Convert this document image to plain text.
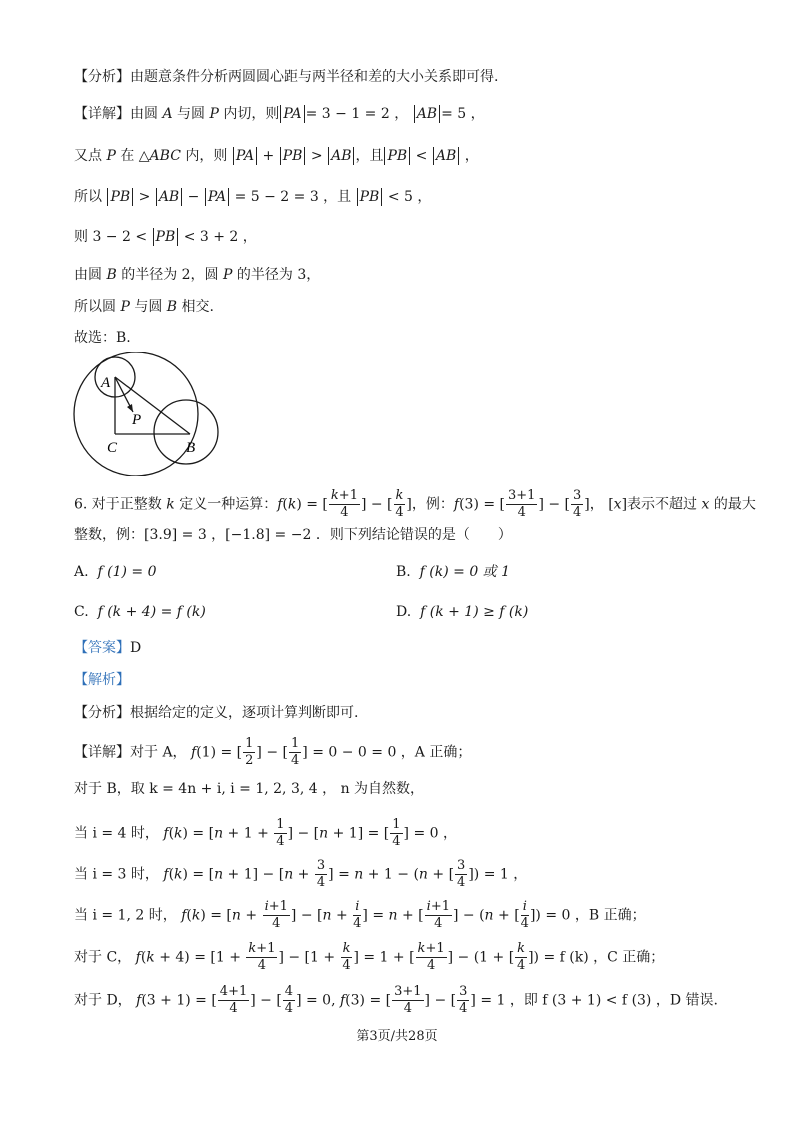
【分析】由题意条件分析两圆圆心距与两半径和差的大小关系即可得.
【详解】由圆 A 与圆 P 内切，则 PA = 3 − 1 = 2 ， AB = 5 ，
又点 P 在 △ABC 内，则 PA + PB > AB ，且 PB < AB ，
所以 PB > AB − PA = 5 − 2 = 3 ，且 PB < 5 ，
则 3 − 2 < PB < 3 + 2 ，
由圆 B 的半径为 2，圆 P 的半径为 3，
所以圆 P 与圆 B 相交.
故选：B.
A
P
C	B
6. 对于正整数 k 定义一种运算：f(k) = [ $\frac{k+1}{4}$ ] − [ $\frac{k}{4}$ ]，例：f(3) = [ $\frac{3+1}{4}$ ] − [ $\frac{3}{4}$ ]， [x]表示不超过 x 的最大
整数，例：[3.9] = 3 ，[−1.8] = −2 ．则下列结论错误的是（　　）
A. f (1) = 0	B. f (k) = 0 或 1
C. f (k + 4) = f (k)	D. f (k + 1) ≥ f (k)
【答案】D
【解析】
【分析】根据给定的定义，逐项计算判断即可.
【详解】对于 A， f(1) = [ $\frac{1}{2}$ ] − [ $\frac{1}{4}$ ] = 0 − 0 = 0 ，A 正确；
对于 B，取 k = 4n + i, i = 1, 2, 3, 4 ， n 为自然数，
当 i = 4 时， $f(k) = [n + 1 + \frac{1}{4}$ ] − [n + 1] = [ $\frac{1}{4}$ ] = 0 ，
当 i = 3 时， $f(k) = [n + 1] - [n + \frac{3}{4}$ ] = n + 1 − (n + [ $\frac{3}{4}$ ]) = 1 ，
当 i = 1, 2 时， $f(k) = [n + \frac{i+1}{4}$ ] − [$n + \frac{i}{4}$ ] = n + [ $\frac{i+1}{4}$ ] − (n + [ $\frac{i}{4}$ ]) = 0 ，B 正确；
对于 C， $f(k + 4) = [1 + \frac{k+1}{4}$ ] − [$1 + \frac{k}{4}$ ] = 1 + [ $\frac{k+1}{4}$ ] − (1 + [ $\frac{k}{4}$ ]) = f (k) ，C 正确；
对于 D， f(3 + 1) = [ $\frac{4+1}{4}$ ] − [ $\frac{4}{4}$ ] = 0, f(3) = [ $\frac{3+1}{4}$ ] − [ $\frac{3}{4}$ ] = 1 ，即 f (3 + 1) < f (3) ，D 错误.
第3页/共28页
